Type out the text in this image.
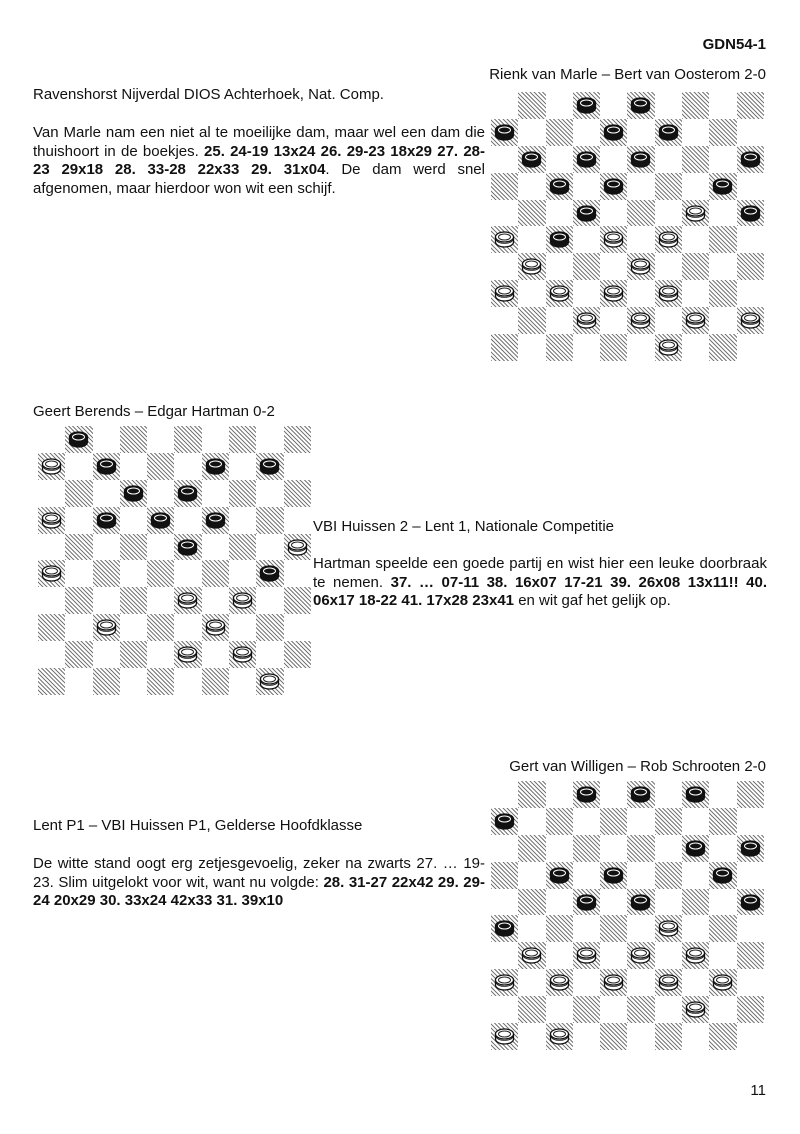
GDN54-1
Rienk van Marle – Bert van Oosterom 2-0
Ravenshorst Nijverdal DIOS Achterhoek, Nat. Comp.
Van Marle nam een niet al te moeilijke dam, maar wel een dam die thuishoort in de boekjes. 25. 24-19 13x24 26. 29-23 18x29 27. 28-23 29x18 28. 33-28 22x33 29. 31x04. De dam werd snel afgenomen, maar hierdoor won wit een schijf.
Geert Berends – Edgar Hartman 0-2
VBI Huissen 2 – Lent 1, Nationale Competitie
Hartman speelde een goede partij en wist hier een leuke doorbraak te nemen. 37. … 07-11 38. 16x07 17-21 39. 26x08 13x11!! 40. 06x17 18-22 41. 17x28 23x41 en wit gaf het gelijk op.
Gert van Willigen – Rob Schrooten 2-0
Lent P1 – VBI Huissen P1, Gelderse Hoofdklasse
De witte stand oogt erg zetjesgevoelig, zeker na zwarts 27. … 19-23. Slim uitgelokt voor wit, want nu volgde: 28. 31-27 22x42 29. 29-24 20x29 30. 33x24 42x33 31. 39x10
11
